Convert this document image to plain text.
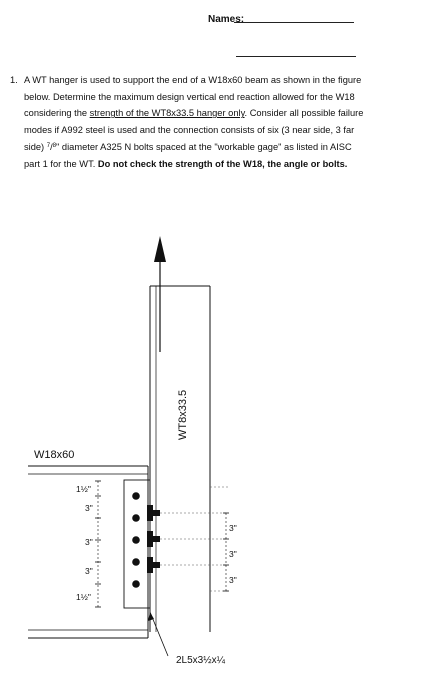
Names:
1. A WT hanger is used to support the end of a W18x60 beam as shown in the figure below. Determine the maximum design vertical end reaction allowed for the W18 considering the strength of the WT8x33.5 hanger only. Consider all possible failure modes if A992 steel is used and the connection consists of six (3 near side, 3 far side) $^7/_8$" diameter A325 N bolts spaced at the "workable gage" as listed in AISC part 1 for the WT. Do not check the strength of the W18, the angle or bolts.
WT8x33.5
W18x60
1½"
3"
3"
3"
1½"
3"
3"
3"
2L5x3½x¼
